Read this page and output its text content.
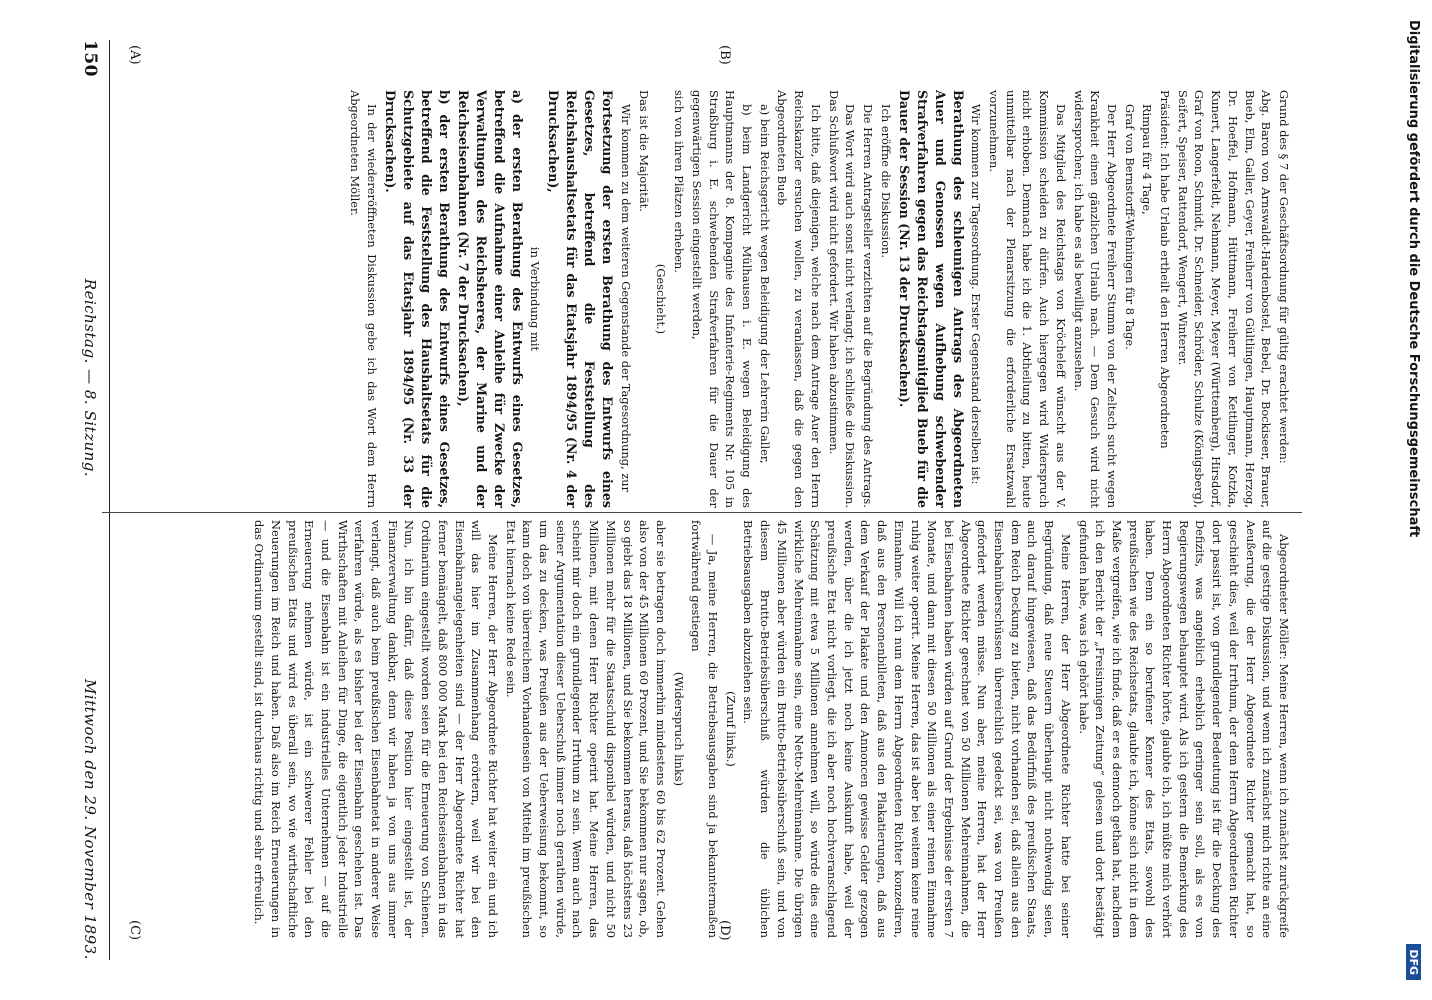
150
Reichstag. — 8. Sitzung.
Mittwoch den 29. November 1893.
(A)	(B)
(C)	(D)

Grund des § 7 der Geschäftsordnung für gültig erachtet werden:

Abg. Baron von Arnswaldt-Hardenbostel, Bebel, Dr. Bockiseer, Brauer, Bueb, Elm, Galler, Geyer, Freiherr von Gültlingen, Hauptmann, Herzog, Dr. Hoeffel, Hofmann, Hüttmann, Freiherr von Kettlinger, Kotzka, Kunert, Langerfeldt, Nehmann, Meyer, Meyer (Württemberg), Hirsdorf, Graf von Roon, Schmidt, Dr. Schneider, Schröder, Schulze (Königsberg), Seifert, Speiser, Rattendorf, Wengert, Winterer.

Präsident: Ich habe Urlaub ertheilt den Herren Abgeordneten

Rimpau für 4 Tage,

Graf von Bernstorff-Wehningen für 8 Tage.

Der Herr Abgeordnete Freiherr Stumm von der Zeltsch sucht wegen Krankheit einen gänzlichen Urlaub nach. — Dem Gesuch wird nicht widersprochen; ich habe es als bewilligt anzusehen.

Das Mitglied des Reichstags von Kröcheleff wünscht aus der V. Kommission scheiden zu dürfen. Auch hiergegen wird Widerspruch nicht erhoben. Demnach habe ich die 1. Abtheilung zu bitten, heute unmittelbar nach der Plenarsitzung die erforderliche Ersatzwahl vorzunehmen.

Wir kommen zur Tagesordnung. Erster Gegenstand derselben ist:

Berathung des schleunigen Antrags des Abgeordneten Auer und Genossen wegen Aufhebung schwebender Strafverfahren gegen das Reichstagsmitglied Bueb für die Dauer der Session (Nr. 13 der Drucksachen).

Ich eröffne die Diskussion.

Die Herren Antragsteller verzichten auf die Begründung des Antrags.

Das Wort wird auch sonst nicht verlangt; ich schließe die Diskussion. Das Schlußwort wird nicht gefordert. Wir haben abzustimmen.

Ich bitte, daß diejenigen, welche nach dem Antrage Auer den Herrn Reichskanzler ersuchen wollen, zu veranlassen, daß die gegen den Abgeordneten Bueb

a) beim Reichsgericht wegen Beleidigung der Lehrerin Galler,

b) beim Landgericht Mülhausen i. E. wegen Beleidigung des Hauptmanns der 8. Kompagnie des Infanterie-Regiments Nr. 105 in Straßburg i. E. schwebenden Strafverfahren für die Dauer der gegenwärtigen Session eingestellt werden,

sich von ihren Plätzen erheben.

(Geschieht.)

Das ist die Majorität.

Wir kommen zu dem weiteren Gegenstande der Tagesordnung, zur

Fortsetzung der ersten Berathung des Entwurfs eines Gesetzes, betreffend die Feststellung des Reichshaushaltsetats für das Etatsjahr 1894/95 (Nr. 4 der Drucksachen),

in Verbindung mit

a) der ersten Berathung des Entwurfs eines Gesetzes, betreffend die Aufnahme einer Anleihe für Zwecke der Verwaltungen des Reichsheeres, der Marine und der Reichseisenbahnen (Nr. 7 der Drucksachen),

b) der ersten Berathung des Entwurfs eines Gesetzes, betreffend die Feststellung des Haushaltsetats für die Schutzgebiete auf das Etatsjahr 1894/95 (Nr. 33 der Drucksachen).

In der wiedereröffneten Diskussion gebe ich das Wort dem Herrn Abgeordneten Möller.

Abgeordneter Möller: Meine Herren, wenn ich zunächst zurückgreife auf die gestrige Diskussion, und wenn ich zunächst mich richte an eine Aeußerung, die der Herr Abgeordnete Richter gemacht hat, so geschieht dies, weil der Irrthum, der dem Herrn Abgeordneten Richter dort passirt ist, von grundlegender Bedeutung ist für die Deckung des Defizits, was angeblich erheblich geringer sein soll, als es von Regierungswegen behauptet wird. Als ich gestern die Bemerkung des Herrn Abgeordneten Richter hörte, glaubte ich, ich müßte mich verhört haben. Denn ein so berufener Kenner des Etats, sowohl des preußischen wie des Reichsetats, glaubte ich, könne sich nicht in dem Maße vergreifen, wie ich finde, daß er es dennoch gethan hat, nachdem ich den Bericht der „Freisinnigen Zeitung“ gelesen und dort bestätigt gefunden habe, was ich gehört habe.

Meine Herren, der Herr Abgeordnete Richter hatte bei seiner Begründung, daß neue Steuern überhaupt nicht nothwendig seien, auch darauf hingewiesen, daß das Bedürfniß des preußischen Staats, dem Reich Deckung zu bieten, nicht vorhanden sei, daß allein aus den Eisenbahnüberschüssen überreichlich gedeckt sei, was von Preußen gefordert werden müsse. Nun aber, meine Herren, hat der Herr Abgeordnete Richter gerechnet von 50 Millionen Mehreinnahmen, die bei Eisenbahnen haben würden auf Grund der Ergebnisse der ersten 7 Monate, und dann mit diesen 50 Millionen als einer reinen Einnahme ruhig weiter operirt. Meine Herren, das ist aber bei weitem keine reine Einnahme. Will ich nun dem Herrn Abgeordneten Richter konzediren, daß aus den Personenbilleten, daß aus den Plakatierungen, daß aus dem Verkauf der Plakate und den Annoncen gewisse Gelder gezogen werden, über die ich jetzt noch keine Auskunft habe, weil der preußische Etat nicht vorliegt, die ich aber noch hochveranschlagend Schätzung mit etwa 5 Millionen annehmen will, so würde dies eine wirkliche Mehreinnahme sein, eine Netto-Mehreinnahme. Die übrigen 45 Millionen aber würden ein Brutto-Betriebsüberschuß sein, und von diesem Brutto-Betriebsüberschuß würden die üblichen Betriebsausgaben abzuziehen sein.

(Zuruf links.)

— Ja, meine Herren, die Betriebsausgaben sind ja bekanntermaßen fortwährend gestiegen

(Widerspruch links)

aber sie betragen doch immerhin mindestens 60 bis 62 Prozent. Gehen also von der 45 Millionen 60 Prozent, und Sie bekommen nur sagen, ob, so giebt das 18 Millionen, und Sie bekommen heraus, daß höchstens 23 Millionen mehr für die Staatsschuld disponibel würden, und nicht 50 Millionen, mit denen Herr Richter operirt hat. Meine Herren, das scheint mir doch ein grundlegender Irrthum zu sein. Wenn auch nach seiner Argumentation dieser Ueberschuß immer noch gerathen würde, um das zu decken, was Preußen aus der Ueberweisung bekommt, so kann doch von überreichem Vorhandensein von Mitteln im preußischen Etat hiernach keine Rede sein.

Meine Herren, der Herr Abgeordnete Richter hat weiter ein und ich will das hier im Zusammenhang erörtern, weil wir bei den Eisenbahnangelegenheiten sind — der Herr Abgeordnete Richter hat ferner bemängelt, daß 800 000 Mark bei den Reichseisenbahnen in das Ordinarium eingestellt worden seien für die Erneuerung von Schienen. Nun, ich bin dafür, daß diese Position hier eingestellt ist, der Finanzverwaltung dankbar, denn wir haben ja von uns aus immer verlangt, daß auch beim preußischen Eisenbahnetat in anderer Weise verfahren würde, als es bisher bei der Eisenbahn geschehen ist. Das Wirthschaften mit Anleihen für Dinge, die eigentlich jeder Industrielle — und die Eisenbahn ist ein industrielles Unternehmen — auf die Erneuerung nehmen würde, ist ein schwerer Fehler bei den preußischen Etats und wird es überall sein, wo wie wirthschaftliche Neuerungen im Reich und haben. Daß also im Reich Erneuerungen in das Ordinarium gestellt sind, ist durchaus richtig und sehr erfreulich.

Digitalisierung gefördert durch die Deutsche Forschungsgemeinschaft
DFG
